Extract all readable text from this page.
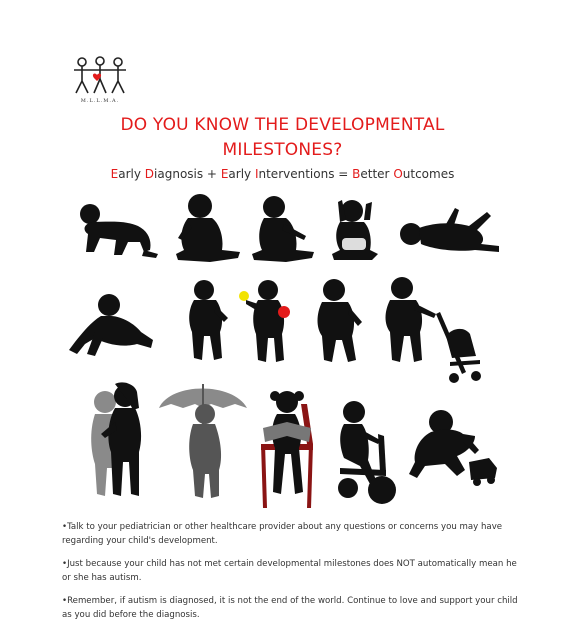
M.L.L.M.A.
DO YOU KNOW THE DEVELOPMENTAL
MILESTONES?
Early Diagnosis + Early Interventions = Better Outcomes

•Talk to your pediatrician or other healthcare provider about any questions or concerns you may have regarding your child's development.

•Just because your child has not met certain developmental milestones does NOT automatically mean he or she has autism.

•Remember, if autism is diagnosed, it is not the end of the world. Continue to love and support your child as you did before the diagnosis.
